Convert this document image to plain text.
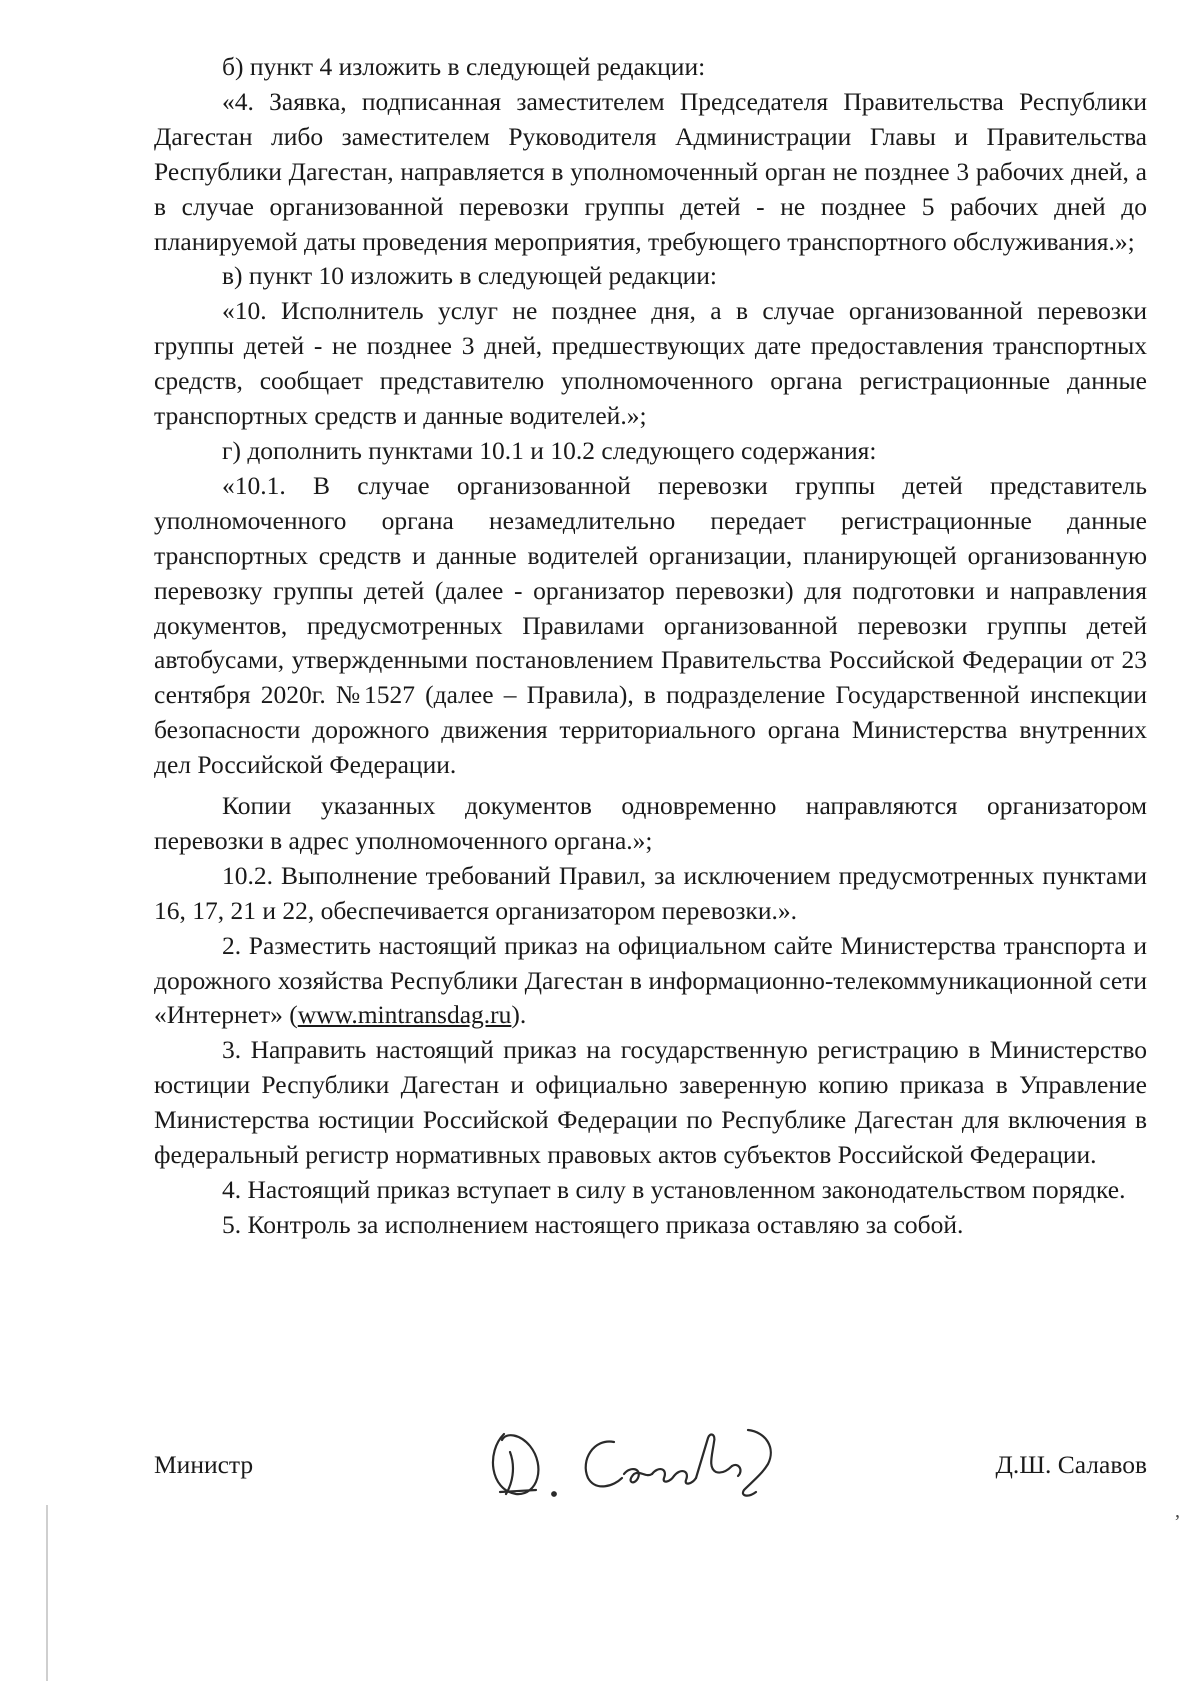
б) пункт 4 изложить в следующей редакции:

«4. Заявка, подписанная заместителем Председателя Правительства Республики Дагестан либо заместителем Руководителя Администрации Главы и Правительства Республики Дагестан, направляется в уполномоченный орган не позднее 3 рабочих дней, а в случае организованной перевозки группы детей - не позднее 5 рабочих дней до планируемой даты проведения мероприятия, требующего транспортного обслуживания.»;

в) пункт 10 изложить в следующей редакции:

«10. Исполнитель услуг не позднее дня, а в случае организованной перевозки группы детей - не позднее 3 дней, предшествующих дате предоставления транспортных средств, сообщает представителю уполномоченного органа регистрационные данные транспортных средств и данные водителей.»;

г) дополнить пунктами 10.1 и 10.2 следующего содержания:

«10.1. В случае организованной перевозки группы детей представитель уполномоченного органа незамедлительно передает регистрационные данные транспортных средств и данные водителей организации, планирующей организованную перевозку группы детей (далее - организатор перевозки) для подготовки и направления документов, предусмотренных Правилами организованной перевозки группы детей автобусами, утвержденными постановлением Правительства Российской Федерации от 23 сентября 2020г. №1527 (далее – Правила), в подразделение Государственной инспекции безопасности дорожного движения территориального органа Министерства внутренних дел Российской Федерации.

Копии указанных документов одновременно направляются организатором перевозки в адрес уполномоченного органа.»;

10.2. Выполнение требований Правил, за исключением предусмотренных пунктами 16, 17, 21 и 22, обеспечивается организатором перевозки.».

2. Разместить настоящий приказ на официальном сайте Министерства транспорта и дорожного хозяйства Республики Дагестан в информационно-телекоммуникационной сети «Интернет» (www.mintransdag.ru).

3. Направить настоящий приказ на государственную регистрацию в Министерство юстиции Республики Дагестан и официально заверенную копию приказа в Управление Министерства юстиции Российской Федерации по Республике Дагестан для включения в федеральный регистр нормативных правовых актов субъектов Российской Федерации.

4. Настоящий приказ вступает в силу в установленном законодательством порядке.

5. Контроль за исполнением настоящего приказа оставляю за собой.

Министр	Д.Ш. Салавов
,
